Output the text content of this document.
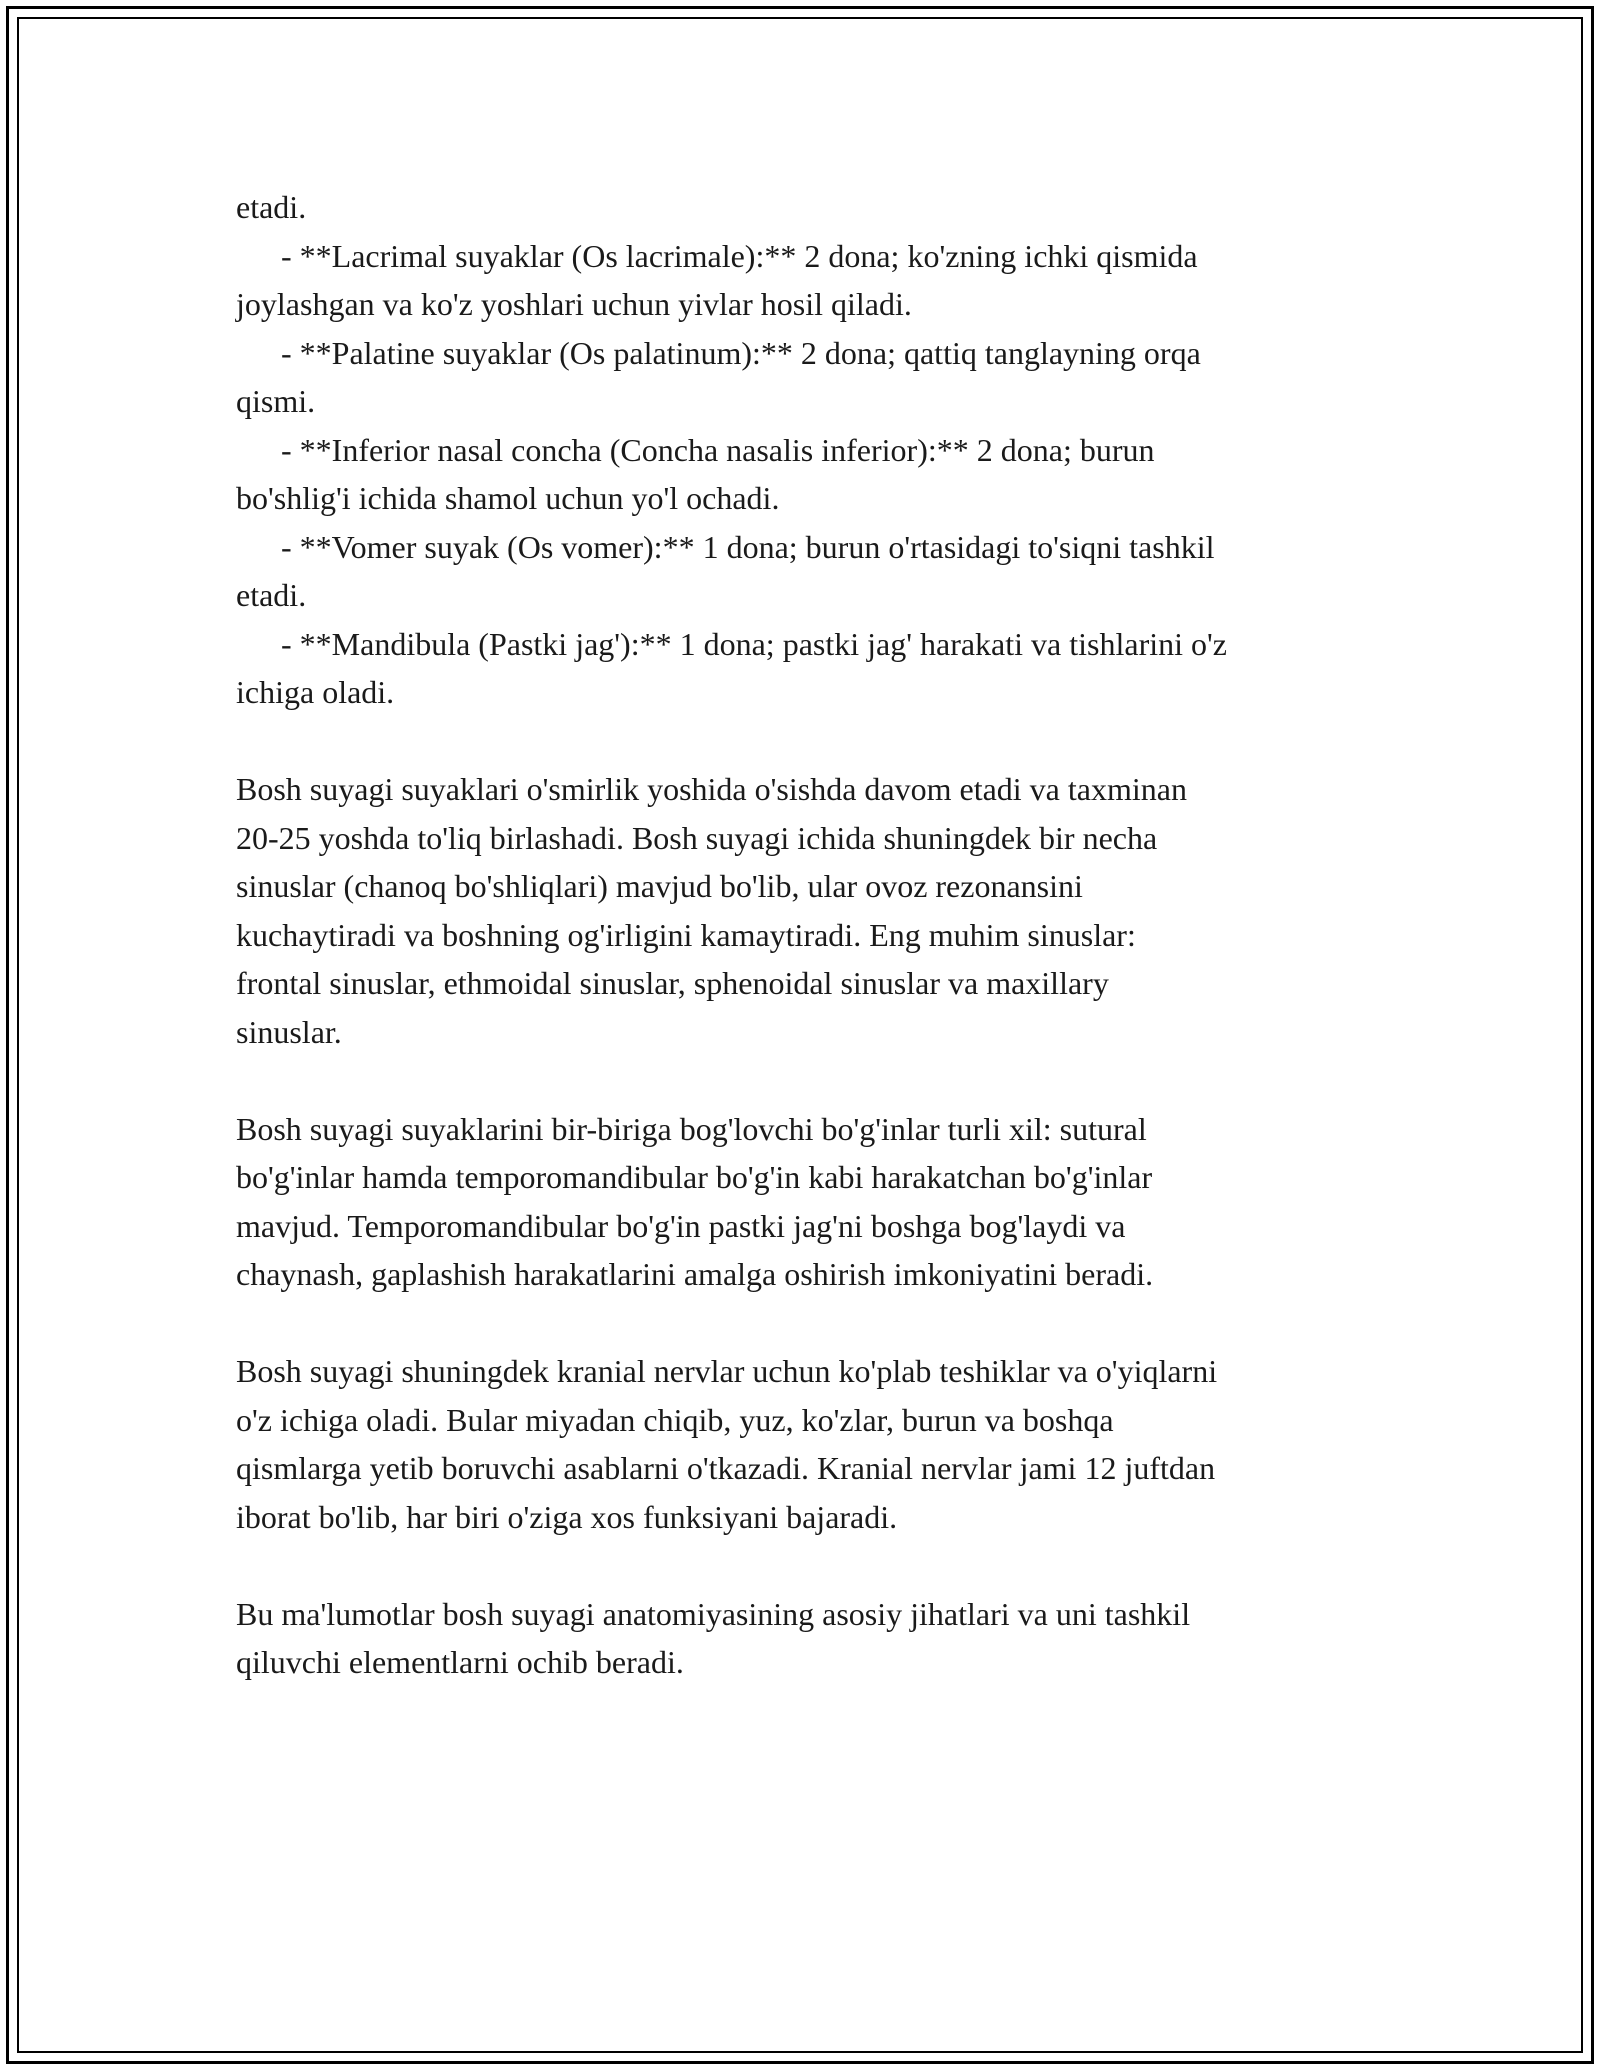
etadi.

- **Lacrimal suyaklar (Os lacrimale):** 2 dona; ko'zning ichki qismida

joylashgan va ko'z yoshlari uchun yivlar hosil qiladi.

- **Palatine suyaklar (Os palatinum):** 2 dona; qattiq tanglayning orqa

qismi.

- **Inferior nasal concha (Concha nasalis inferior):** 2 dona; burun

bo'shlig'i ichida shamol uchun yo'l ochadi.

- **Vomer suyak (Os vomer):** 1 dona; burun o'rtasidagi to'siqni tashkil

etadi.

- **Mandibula (Pastki jag'):** 1 dona; pastki jag' harakati va tishlarini o'z

ichiga oladi.

Bosh suyagi suyaklari o'smirlik yoshida o'sishda davom etadi va taxminan

20-25 yoshda to'liq birlashadi. Bosh suyagi ichida shuningdek bir necha

sinuslar (chanoq bo'shliqlari) mavjud bo'lib, ular ovoz rezonansini

kuchaytiradi va boshning og'irligini kamaytiradi. Eng muhim sinuslar:

frontal sinuslar, ethmoidal sinuslar, sphenoidal sinuslar va maxillary

sinuslar.

Bosh suyagi suyaklarini bir-biriga bog'lovchi bo'g'inlar turli xil: sutural

bo'g'inlar hamda temporomandibular bo'g'in kabi harakatchan bo'g'inlar

mavjud. Temporomandibular bo'g'in pastki jag'ni boshga bog'laydi va

chaynash, gaplashish harakatlarini amalga oshirish imkoniyatini beradi.

Bosh suyagi shuningdek kranial nervlar uchun ko'plab teshiklar va o'yiqlarni

o'z ichiga oladi. Bular miyadan chiqib, yuz, ko'zlar, burun va boshqa

qismlarga yetib boruvchi asablarni o'tkazadi. Kranial nervlar jami 12 juftdan

iborat bo'lib, har biri o'ziga xos funksiyani bajaradi.

Bu ma'lumotlar bosh suyagi anatomiyasining asosiy jihatlari va uni tashkil

qiluvchi elementlarni ochib beradi.
